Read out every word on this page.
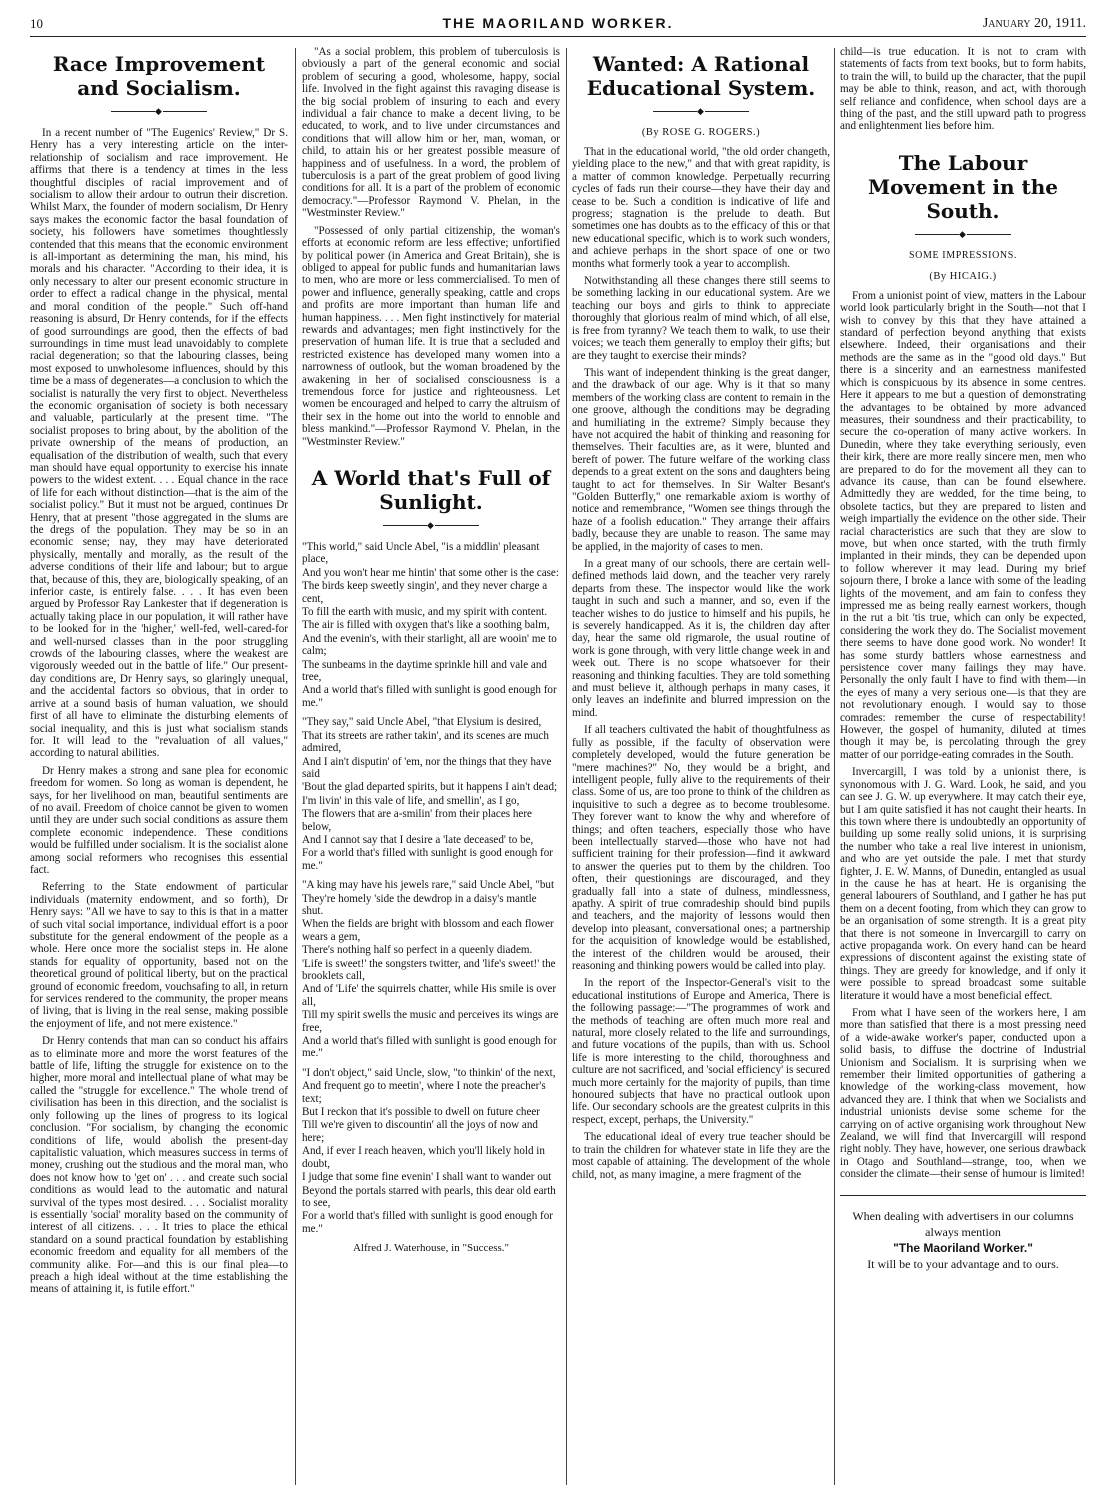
10	THE MAORILAND WORKER.	January 20, 1911.
Race Improvement and Socialism.
◆

In a recent number of "The Eugenics' Review," Dr S. Henry has a very interesting article on the inter-relationship of socialism and race improvement. He affirms that there is a tendency at times in the less thoughtful disciples of racial improvement and of socialism to allow their ardour to outrun their discretion. Whilst Marx, the founder of modern socialism, Dr Henry says makes the economic factor the basal foundation of society, his followers have sometimes thoughtlessly contended that this means that the economic environment is all-important as determining the man, his mind, his morals and his character. "According to their idea, it is only necessary to alter our present economic structure in order to effect a radical change in the physical, mental and moral condition of the people." Such off-hand reasoning is absurd, Dr Henry contends, for if the effects of good surroundings are good, then the effects of bad surroundings in time must lead unavoidably to complete racial degeneration; so that the labouring classes, being most exposed to unwholesome influences, should by this time be a mass of degenerates—a conclusion to which the socialist is naturally the very first to object. Nevertheless the economic organisation of society is both necessary and valuable, particularly at the present time. "The socialist proposes to bring about, by the abolition of the private ownership of the means of production, an equalisation of the distribution of wealth, such that every man should have equal opportunity to exercise his innate powers to the widest extent. . . . Equal chance in the race of life for each without distinction—that is the aim of the socialist policy." But it must not be argued, continues Dr Henry, that at present "those aggregated in the slums are the dregs of the population. They may be so in an economic sense; nay, they may have deteriorated physically, mentally and morally, as the result of the adverse conditions of their life and labour; but to argue that, because of this, they are, biologically speaking, of an inferior caste, is entirely false. . . . It has even been argued by Professor Ray Lankester that if degeneration is actually taking place in our population, it will rather have to be looked for in the 'higher,' well-fed, well-cared-for and well-nursed classes than in the poor struggling crowds of the labouring classes, where the weakest are vigorously weeded out in the battle of life." Our present-day conditions are, Dr Henry says, so glaringly unequal, and the accidental factors so obvious, that in order to arrive at a sound basis of human valuation, we should first of all have to eliminate the disturbing elements of social inequality, and this is just what socialism stands for. It will lead to the "revaluation of all values," according to natural abilities.

Dr Henry makes a strong and sane plea for economic freedom for women. So long as woman is dependent, he says, for her livelihood on man, beautiful sentiments are of no avail. Freedom of choice cannot be given to women until they are under such social conditions as assure them complete economic independence. These conditions would be fulfilled under socialism. It is the socialist alone among social reformers who recognises this essential fact.

Referring to the State endowment of particular individuals (maternity endowment, and so forth), Dr Henry says: "All we have to say to this is that in a matter of such vital social importance, individual effort is a poor substitute for the general endowment of the people as a whole. Here once more the socialist steps in. He alone stands for equality of opportunity, based not on the theoretical ground of political liberty, but on the practical ground of economic freedom, vouchsafing to all, in return for services rendered to the community, the proper means of living, that is living in the real sense, making possible the enjoyment of life, and not mere existence."

Dr Henry contends that man can so conduct his affairs as to eliminate more and more the worst features of the battle of life, lifting the struggle for existence on to the higher, more moral and intellectual plane of what may be called the "struggle for excellence." The whole trend of civilisation has been in this direction, and the socialist is only following up the lines of progress to its logical conclusion. "For socialism, by changing the economic conditions of life, would abolish the present-day capitalistic valuation, which measures success in terms of money, crushing out the studious and the moral man, who does not know how to 'get on' . . . and create such social conditions as would lead to the automatic and natural survival of the types most desired. . . . Socialist morality is essentially 'social' morality based on the community of interest of all citizens. . . . It tries to place the ethical standard on a sound practical foundation by establishing economic freedom and equality for all members of the community alike. For—and this is our final plea—to preach a high ideal without at the time establishing the means of attaining it, is futile effort."

"As a social problem, this problem of tuberculosis is obviously a part of the general economic and social problem of securing a good, wholesome, happy, social life. Involved in the fight against this ravaging disease is the big social problem of insuring to each and every individual a fair chance to make a decent living, to be educated, to work, and to live under circumstances and conditions that will allow him or her, man, woman, or child, to attain his or her greatest possible measure of happiness and of usefulness. In a word, the problem of tuberculosis is a part of the great problem of good living conditions for all. It is a part of the problem of economic democracy."—Professor Raymond V. Phelan, in the "Westminster Review."

"Possessed of only partial citizenship, the woman's efforts at economic reform are less effective; unfortified by political power (in America and Great Britain), she is obliged to appeal for public funds and humanitarian laws to men, who are more or less commercialised. To men of power and influence, generally speaking, cattle and crops and profits are more important than human life and human happiness. . . . Men fight instinctively for material rewards and advantages; men fight instinctively for the preservation of human life. It is true that a secluded and restricted existence has developed many women into a narrowness of outlook, but the woman broadened by the awakening in her of socialised consciousness is a tremendous force for justice and righteousness. Let women be encouraged and helped to carry the altruism of their sex in the home out into the world to ennoble and bless mankind."—Professor Raymond V. Phelan, in the "Westminster Review."

A World that's Full of Sunlight.
◆

"This world," said Uncle Abel, "is a middlin' pleasant place,

And you won't hear me hintin' that some other is the case:

The birds keep sweetly singin', and they never charge a cent,

To fill the earth with music, and my spirit with content.

The air is filled with oxygen that's like a soothing balm,

And the evenin's, with their starlight, all are wooin' me to calm;

The sunbeams in the daytime sprinkle hill and vale and tree,

And a world that's filled with sunlight is good enough for me."

"They say," said Uncle Abel, "that Elysium is desired,

That its streets are rather takin', and its scenes are much admired,

And I ain't disputin' of 'em, nor the things that they have said

'Bout the glad departed spirits, but it happens I ain't dead;

I'm livin' in this vale of life, and smellin', as I go,

The flowers that are a-smilin' from their places here below,

And I cannot say that I desire a 'late deceased' to be,

For a world that's filled with sunlight is good enough for me."

"A king may have his jewels rare," said Uncle Abel, "but

They're homely 'side the dewdrop in a daisy's mantle shut.

When the fields are bright with blossom and each flower wears a gem,

There's nothing half so perfect in a queenly diadem.

'Life is sweet!' the songsters twitter, and 'life's sweet!' the brooklets call,

And of 'Life' the squirrels chatter, while His smile is over all,

Till my spirit swells the music and perceives its wings are free,

And a world that's filled with sunlight is good enough for me."

"I don't object," said Uncle, slow, "to thinkin' of the next,

And frequent go to meetin', where I note the preacher's text;

But I reckon that it's possible to dwell on future cheer

Till we're given to discountin' all the joys of now and here;

And, if ever I reach heaven, which you'll likely hold in doubt,

I judge that some fine evenin' I shall want to wander out

Beyond the portals starred with pearls, this dear old earth to see,

For a world that's filled with sunlight is good enough for me."

Alfred J. Waterhouse, in "Success."
Wanted: A Rational Educational System.
◆
(By ROSE G. ROGERS.)

That in the educational world, "the old order changeth, yielding place to the new," and that with great rapidity, is a matter of common knowledge. Perpetually recurring cycles of fads run their course—they have their day and cease to be. Such a condition is indicative of life and progress; stagnation is the prelude to death. But sometimes one has doubts as to the efficacy of this or that new educational specific, which is to work such wonders, and achieve perhaps in the short space of one or two months what formerly took a year to accomplish.

Notwithstanding all these changes there still seems to be something lacking in our educational system. Are we teaching our boys and girls to think to appreciate thoroughly that glorious realm of mind which, of all else, is free from tyranny? We teach them to walk, to use their voices; we teach them generally to employ their gifts; but are they taught to exercise their minds?

This want of independent thinking is the great danger, and the drawback of our age. Why is it that so many members of the working class are content to remain in the one groove, although the conditions may be degrading and humiliating in the extreme? Simply because they have not acquired the habit of thinking and reasoning for themselves. Their faculties are, as it were, blunted and bereft of power. The future welfare of the working class depends to a great extent on the sons and daughters being taught to act for themselves. In Sir Walter Besant's "Golden Butterfly," one remarkable axiom is worthy of notice and remembrance, "Women see things through the haze of a foolish education." They arrange their affairs badly, because they are unable to reason. The same may be applied, in the majority of cases to men.

In a great many of our schools, there are certain well-defined methods laid down, and the teacher very rarely departs from these. The inspector would like the work taught in such and such a manner, and so, even if the teacher wishes to do justice to himself and his pupils, he is severely handicapped. As it is, the children day after day, hear the same old rigmarole, the usual routine of work is gone through, with very little change week in and week out. There is no scope whatsoever for their reasoning and thinking faculties. They are told something and must believe it, although perhaps in many cases, it only leaves an indefinite and blurred impression on the mind.

If all teachers cultivated the habit of thoughtfulness as fully as possible, if the faculty of observation were completely developed, would the future generation be "mere machines?" No, they would be a bright, and intelligent people, fully alive to the requirements of their class. Some of us, are too prone to think of the children as inquisitive to such a degree as to become troublesome. They forever want to know the why and wherefore of things; and often teachers, especially those who have been intellectually starved—those who have not had sufficient training for their profession—find it awkward to answer the queries put to them by the children. Too often, their questionings are discouraged, and they gradually fall into a state of dulness, mindlessness, apathy. A spirit of true comradeship should bind pupils and teachers, and the majority of lessons would then develop into pleasant, conversational ones; a partnership for the acquisition of knowledge would be established, the interest of the children would be aroused, their reasoning and thinking powers would be called into play.

In the report of the Inspector-General's visit to the educational institutions of Europe and America, There is the following passage:—"The programmes of work and the methods of teaching are often much more real and natural, more closely related to the life and surroundings, and future vocations of the pupils, than with us. School life is more interesting to the child, thoroughness and culture are not sacrificed, and 'social efficiency' is secured much more certainly for the majority of pupils, than time honoured subjects that have no practical outlook upon life. Our secondary schools are the greatest culprits in this respect, except, perhaps, the University."

The educational ideal of every true teacher should be to train the children for whatever state in life they are the most capable of attaining. The development of the whole child, not, as many imagine, a mere fragment of the

child—is true education. It is not to cram with statements of facts from text books, but to form habits, to train the will, to build up the character, that the pupil may be able to think, reason, and act, with thorough self reliance and confidence, when school days are a thing of the past, and the still upward path to progress and enlightenment lies before him.

The Labour Movement in the South.
◆
SOME IMPRESSIONS.
(By HICAIG.)

From a unionist point of view, matters in the Labour world look particularly bright in the South—not that I wish to convey by this that they have attained a standard of perfection beyond anything that exists elsewhere. Indeed, their organisations and their methods are the same as in the "good old days." But there is a sincerity and an earnestness manifested which is conspicuous by its absence in some centres. Here it appears to me but a question of demonstrating the advantages to be obtained by more advanced measures, their soundness and their practicability, to secure the co-operation of many active workers. In Dunedin, where they take everything seriously, even their kirk, there are more really sincere men, men who are prepared to do for the movement all they can to advance its cause, than can be found elsewhere. Admittedly they are wedded, for the time being, to obsolete tactics, but they are prepared to listen and weigh impartially the evidence on the other side. Their racial characteristics are such that they are slow to move, but when once started, with the truth firmly implanted in their minds, they can be depended upon to follow wherever it may lead. During my brief sojourn there, I broke a lance with some of the leading lights of the movement, and am fain to confess they impressed me as being really earnest workers, though in the rut a bit 'tis true, which can only be expected, considering the work they do. The Socialist movement there seems to have done good work. No wonder! It has some sturdy battlers whose earnestness and persistence cover many failings they may have. Personally the only fault I have to find with them—in the eyes of many a very serious one—is that they are not revolutionary enough. I would say to those comrades: remember the curse of respectability! However, the gospel of humanity, diluted at times though it may be, is percolating through the grey matter of our porridge-eating comrades in the South.

Invercargill, I was told by a unionist there, is synonomous with J. G. Ward. Look, he said, and you can see J. G. W. up everywhere. It may catch their eye, but I am quite satisfied it has not caught their hearts. In this town where there is undoubtedly an opportunity of building up some really solid unions, it is surprising the number who take a real live interest in unionism, and who are yet outside the pale. I met that sturdy fighter, J. E. W. Manns, of Dunedin, entangled as usual in the cause he has at heart. He is organising the general labourers of Southland, and I gather he has put them on a decent footing, from which they can grow to be an organisation of some strength. It is a great pity that there is not someone in Invercargill to carry on active propaganda work. On every hand can be heard expressions of discontent against the existing state of things. They are greedy for knowledge, and if only it were possible to spread broadcast some suitable literature it would have a most beneficial effect.

From what I have seen of the workers here, I am more than satisfied that there is a most pressing need of a wide-awake worker's paper, conducted upon a solid basis, to diffuse the doctrine of Industrial Unionism and Socialism. It is surprising when we remember their limited opportunities of gathering a knowledge of the working-class movement, how advanced they are. I think that when we Socialists and industrial unionists devise some scheme for the carrying on of active organising work throughout New Zealand, we will find that Invercargill will respond right nobly. They have, however, one serious drawback in Otago and Southland—strange, too, when we consider the climate—their sense of humour is limited!

When dealing with advertisers in our columns always mention
"The Maoriland Worker."
It will be to your advantage and to ours.
